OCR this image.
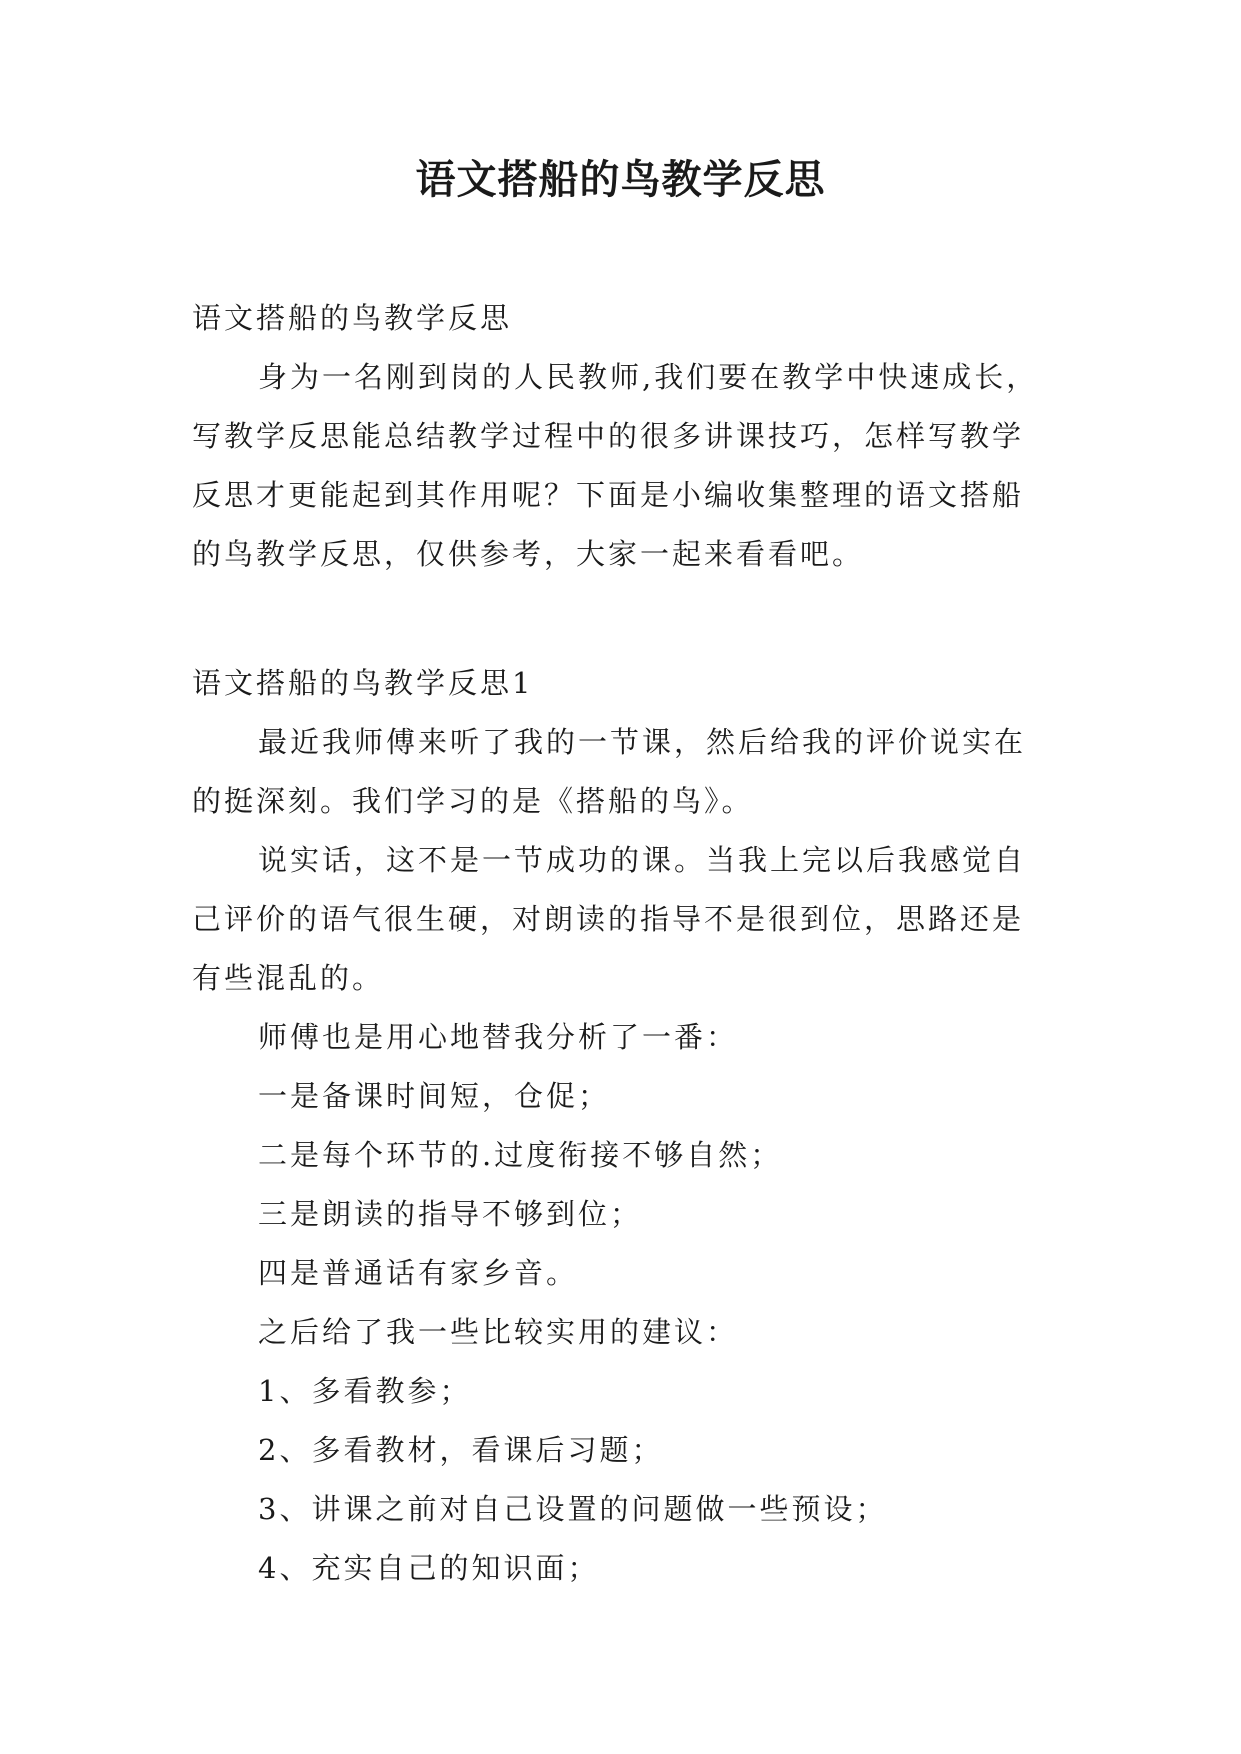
语文搭船的鸟教学反思

语文搭船的鸟教学反思

身为一名刚到岗的人民教师,我们要在教学中快速成长，写教学反思能总结教学过程中的很多讲课技巧，怎样写教学反思才更能起到其作用呢？下面是小编收集整理的语文搭船的鸟教学反思，仅供参考，大家一起来看看吧。

语文搭船的鸟教学反思1

最近我师傅来听了我的一节课，然后给我的评价说实在的挺深刻。我们学习的是《搭船的鸟》。

说实话，这不是一节成功的课。当我上完以后我感觉自己评价的语气很生硬，对朗读的指导不是很到位，思路还是有些混乱的。

师傅也是用心地替我分析了一番：

一是备课时间短，仓促；

二是每个环节的.过度衔接不够自然；

三是朗读的指导不够到位；

四是普通话有家乡音。

之后给了我一些比较实用的建议：

1、多看教参；

2、多看教材，看课后习题；

3、讲课之前对自己设置的问题做一些预设；

4、充实自己的知识面；
